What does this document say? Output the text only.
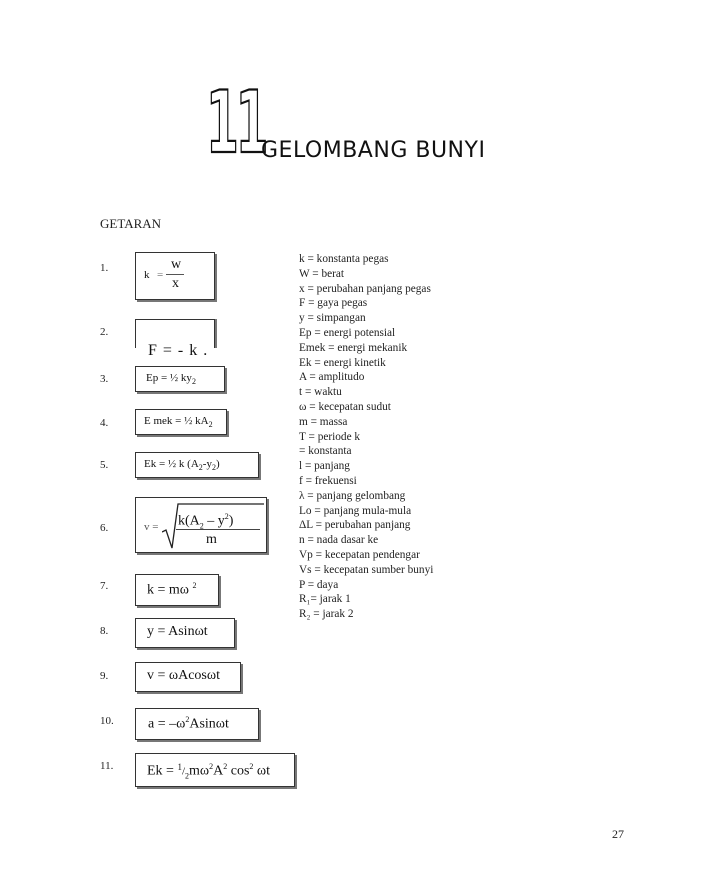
11
GELOMBANG BUNYI
GETARAN
1.
2.
3.
4.
5.
6.
7.
8.
9.
10.
11.
k =
w
x
F = - k .
Ep = ½ $ky_2$
E mek = ½ $kA_2$
Ek = ½ k $(A_2-y_2)$
$v = k(A_2 - y^2)$
m
k = mω $^2$
y = Asinωt
v = ωAcosωt
$a = -\omega^2Asin\omega t$
$Ek = ^1/_2m\omega^2A^2$ $\cos^2 \omega t$
k = konstanta pegas
W = berat
x = perubahan panjang pegas
F = gaya pegas
y = simpangan
Ep = energi potensial
Emek = energi mekanik
Ek = energi kinetik
A = amplitudo
t = waktu
ω = kecepatan sudut
m = massa
T = periode k
= konstanta
l = panjang
f = frekuensi
λ = panjang gelombang
Lo = panjang mula-mula
ΔL = perubahan panjang
n = nada dasar ke
Vp = kecepatan pendengar
Vs = kecepatan sumber bunyi
P = daya
R₁= jarak 1
R₂ = jarak 2
27
